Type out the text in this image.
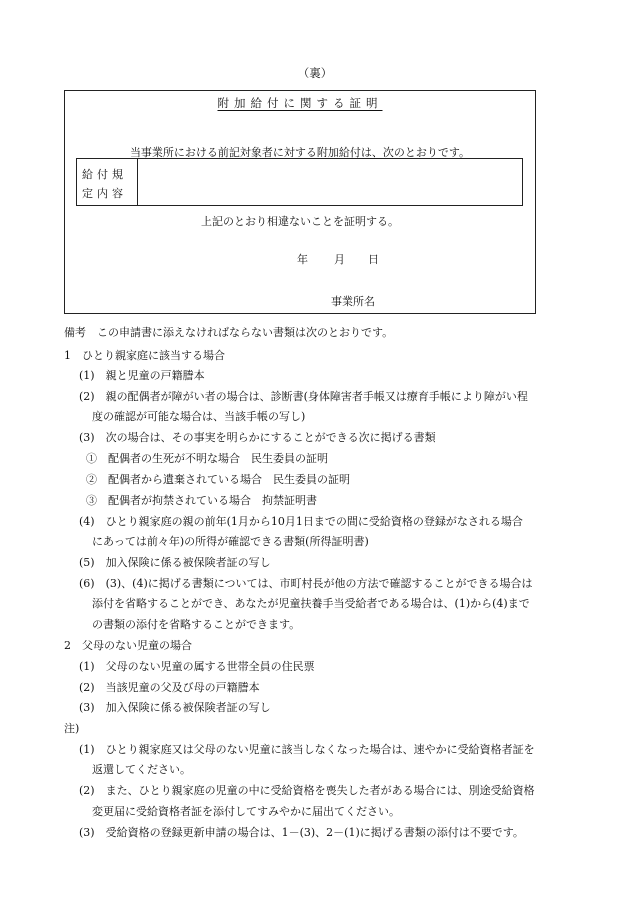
（裏）
附加給付に関する証明
当事業所における前記対象者に対する附加給付は、次のとおりです。
給付規
定内容
上記のとおり相違ないことを証明する。
年 月 日
事業所名
備考　この申請書に添えなければならない書類は次のとおりです。
1　ひとり親家庭に該当する場合
(1)　親と児童の戸籍謄本
(2)　親の配偶者が障がい者の場合は、診断書(身体障害者手帳又は療育手帳により障がい程
度の確認が可能な場合は、当該手帳の写し)
(3)　次の場合は、その事実を明らかにすることができる次に掲げる書類
①　配偶者の生死が不明な場合　民生委員の証明
②　配偶者から遺棄されている場合　民生委員の証明
③　配偶者が拘禁されている場合　拘禁証明書
(4)　ひとり親家庭の親の前年(1月から10月1日までの間に受給資格の登録がなされる場合
にあっては前々年)の所得が確認できる書類(所得証明書)
(5)　加入保険に係る被保険者証の写し
(6)　(3)、(4)に掲げる書類については、市町村長が他の方法で確認することができる場合は
添付を省略することができ、あなたが児童扶養手当受給者である場合は、(1)から(4)まで
の書類の添付を省略することができます。
2　父母のない児童の場合
(1)　父母のない児童の属する世帯全員の住民票
(2)　当該児童の父及び母の戸籍謄本
(3)　加入保険に係る被保険者証の写し
注)
(1)　ひとり親家庭又は父母のない児童に該当しなくなった場合は、速やかに受給資格者証を
返還してください。
(2)　また、ひとり親家庭の児童の中に受給資格を喪失した者がある場合には、別途受給資格
変更届に受給資格者証を添付してすみやかに届出てください。
(3)　受給資格の登録更新申請の場合は、1－(3)、2－(1)に掲げる書類の添付は不要です。
